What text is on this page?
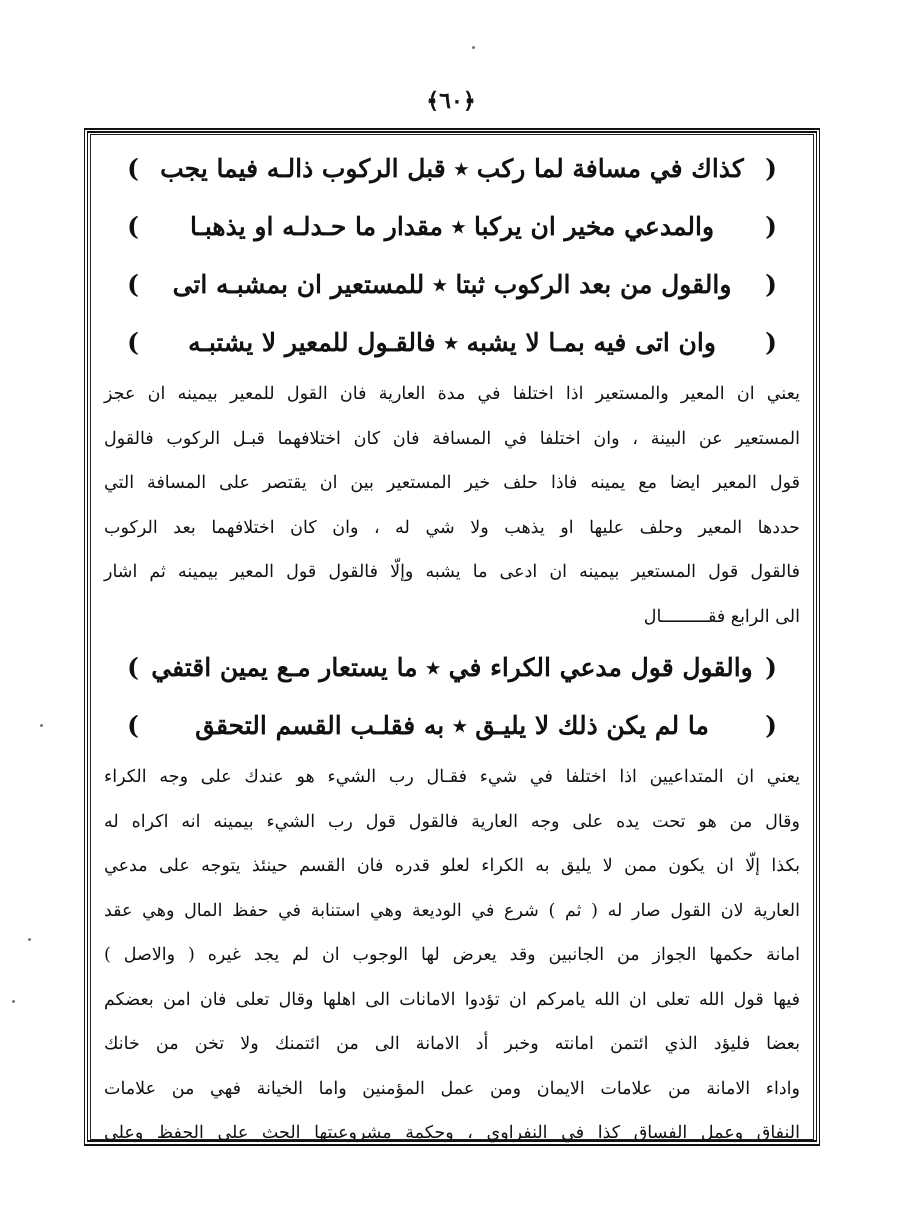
﴿٦٠﴾
(
كذاك في مسافة لما ركب ٭ قبل الركوب ذالـه فيما يجب
)
(
والمدعي مخير ان يركبا ٭ مقدار ما حـدلـه او يذهبـا
)
(
والقول من بعد الركوب ثبتا ٭ للمستعير ان بمشبـه اتى
)
(
وان اتى فيه بمـا لا يشبه ٭ فالقـول للمعير لا يشتبـه
)
يعني ان المعير والمستعير اذا اختلفا في مدة العارية فان القول للمعير بيمينه ان عجز
المستعير عن البينة ، وان اختلفا في المسافة فان كان اختلافهما قبـل الركوب فالقول
قول المعير ايضا مع يمينه فاذا حلف خير المستعير بين ان يقتصر على المسافة التي
حددها المعير وحلف عليها او يذهب ولا شي له ، وان كان اختلافهما بعد الركوب
فالقول قول المستعير بيمينه ان ادعى ما يشبه وإلّا فالقول قول المعير بيمينه ثم اشار
الى الرابع فقـــــــــال
(
والقول قول مدعي الكراء في ٭ ما يستعار مـع يمين اقتفي
)
(
ما لم يكن ذلك لا يليـق ٭ به فقلـب القسم التحقق
)
يعني ان المتداعيين اذا اختلفا في شيء فقـال رب الشيء هو عندك على وجه الكراء
وقال من هو تحت يده على وجه العارية فالقول قول رب الشيء بيمينه انه اكراه له
بكذا إلّا ان يكون ممن لا يليق به الكراء لعلو قدره فان القسم حينئذ يتوجه على مدعي
العارية لان القول صار له ( ثم ) شرع في الوديعة وهي استنابة في حفظ المال وهي عقد
امانة حكمها الجواز من الجانبين وقد يعرض لها الوجوب ان لم يجد غيره ( والاصل )
فيها قول الله تعلى ان الله يامركم ان تؤدوا الامانات الى اهلها وقال تعلى فان امن بعضكم
بعضا فليؤد الذي ائتمن امانته وخبر أد الامانة الى من ائتمنك ولا تخن من خانك
واداء الامانة من علامات الايمان ومن عمل المؤمنين واما الخيانة فهي من علامات
النفاق وعمل الفساق كذا في النفراوي ، وحكمة مشروعيتها الحث على الحفظ وعلى
